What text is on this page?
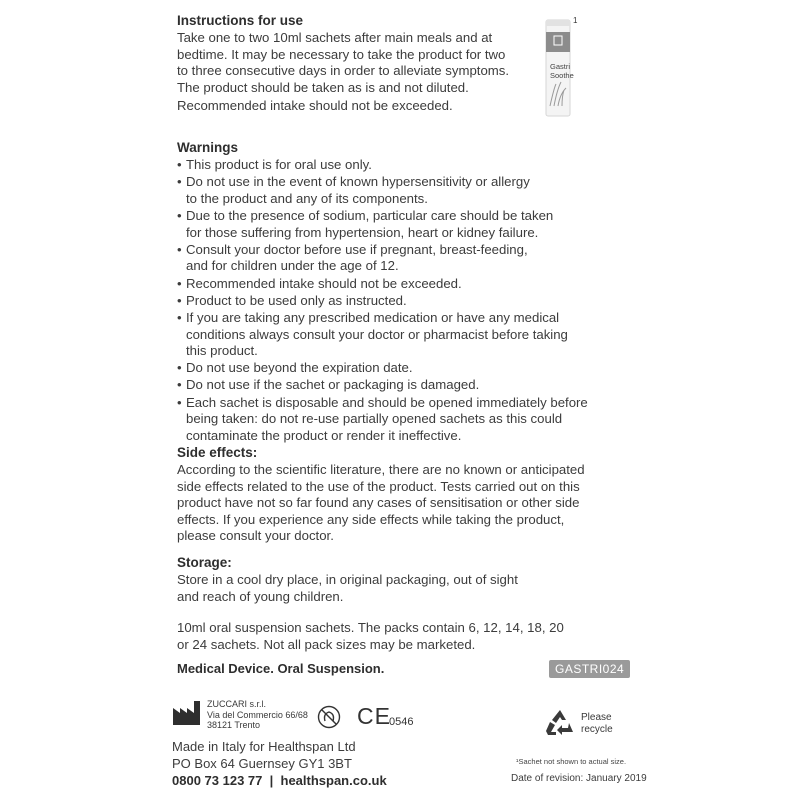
Instructions for use
Take one to two 10ml sachets after main meals and at
bedtime. It may be necessary to take the product for two
to three consecutive days in order to alleviate symptoms.
The product should be taken as is and not diluted.
Recommended intake should not be exceeded.
Gastri
Soothe
1
Warnings
• This product is for oral use only.
• Do not use in the event of known hypersensitivity or allergy
to the product and any of its components.
• Due to the presence of sodium, particular care should be taken
for those suffering from hypertension, heart or kidney failure.
• Consult your doctor before use if pregnant, breast-feeding,
and for children under the age of 12.
• Recommended intake should not be exceeded.
• Product to be used only as instructed.
• If you are taking any prescribed medication or have any medical
conditions always consult your doctor or pharmacist before taking
this product.
• Do not use beyond the expiration date.
• Do not use if the sachet or packaging is damaged.
• Each sachet is disposable and should be opened immediately before
being taken: do not re-use partially opened sachets as this could
contaminate the product or render it ineffective.
Side effects:
According to the scientific literature, there are no known or anticipated
side effects related to the use of the product. Tests carried out on this
product have not so far found any cases of sensitisation or other side
effects. If you experience any side effects while taking the product,
please consult your doctor.
Storage:
Store in a cool dry place, in original packaging, out of sight
and reach of young children.
10ml oral suspension sachets. The packs contain 6, 12, 14, 18, 20
or 24 sachets. Not all pack sizes may be marketed.
Medical Device. Oral Suspension.	GASTRI024
ZUCCARI s.r.l.
Via del Commercio 66/68
38121 Trento	CE
0546	Please
recycle
Made in Italy for Healthspan Ltd
PO Box 64 Guernsey GY1 3BT
0800 73 123 77  |  healthspan.co.uk
¹Sachet not shown to actual size.
Date of revision: January 2019
